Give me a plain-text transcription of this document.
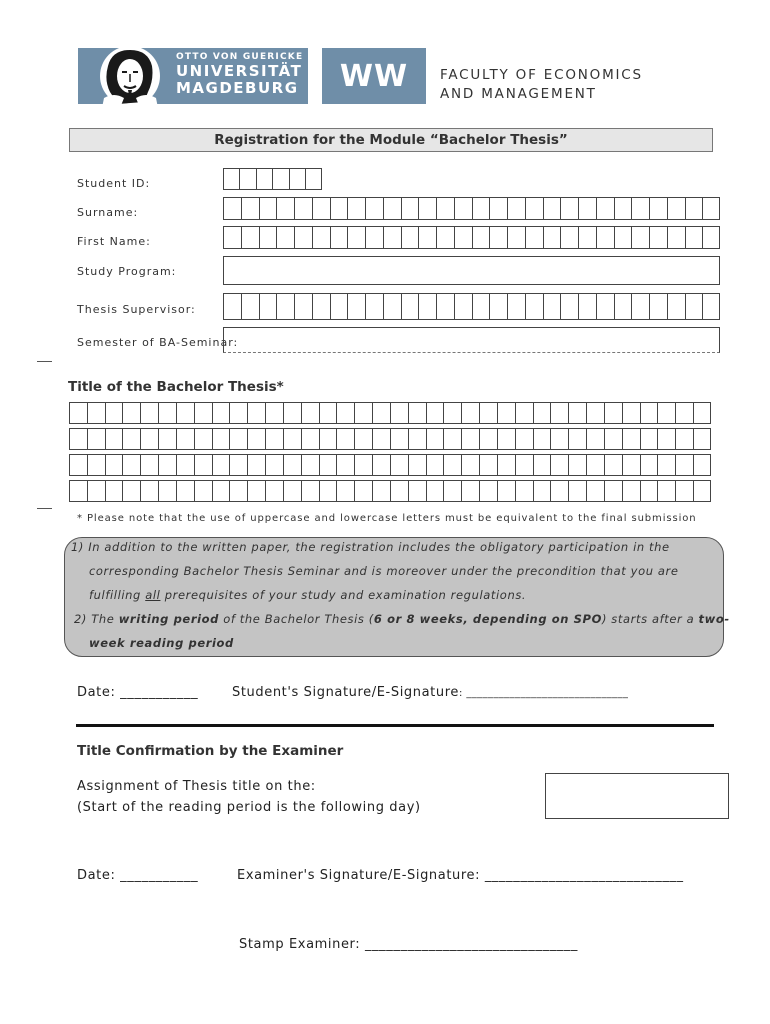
OTTO VON GUERICKE
UNIVERSITÄT
MAGDEBURG	WW	FACULTY OF ECONOMICS
AND MANAGEMENT
Registration for the Module “Bachelor Thesis”
Student ID:
Surname:
First Name:
Study Program:
Thesis Supervisor:
Semester of BA-Seminar:
Title of the Bachelor Thesis*
* Please note that the use of uppercase and lowercase letters must be equivalent to the final submission
1) In addition to the written paper, the registration includes the obligatory participation in the
corresponding Bachelor Thesis Seminar and is moreover under the precondition that you are
fulfilling all prerequisites of your study and examination regulations.
2) The writing period of the Bachelor Thesis (6 or 8 weeks, depending on SPO) starts after a two-
week reading period
Date: ___________	Student's Signature/E-Signature: ______________________________
Title Confirmation by the Examiner
Assignment of Thesis title on the:
(Start of the reading period is the following day)
Date: ___________	Examiner's Signature/E-Signature: ____________________________
Stamp Examiner: ______________________________
